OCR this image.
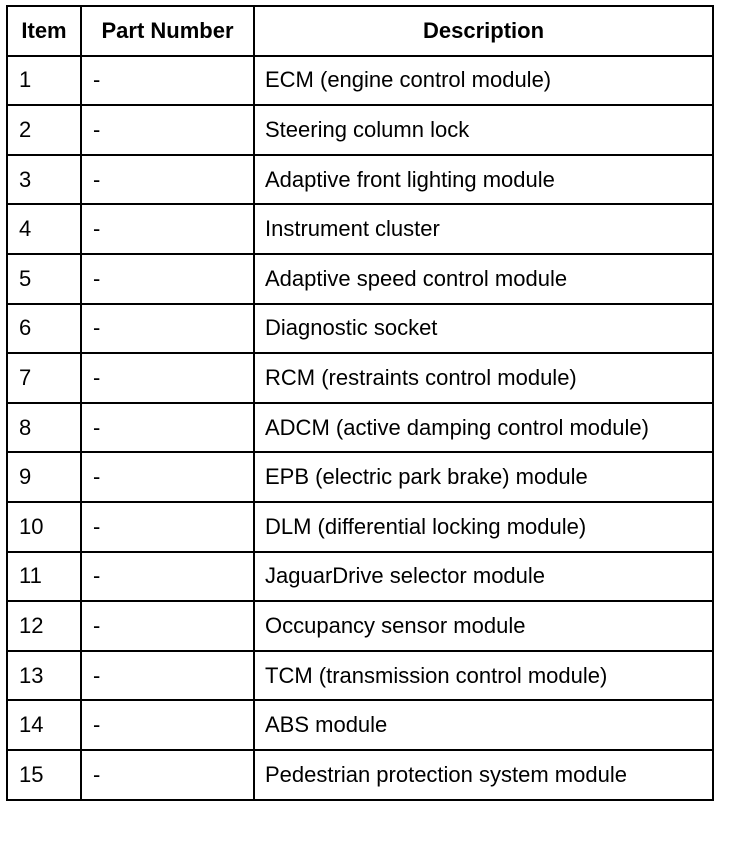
Item	Part Number	Description
1	-	ECM (engine control module)
2	-	Steering column lock
3	-	Adaptive front lighting module
4	-	Instrument cluster
5	-	Adaptive speed control module
6	-	Diagnostic socket
7	-	RCM (restraints control module)
8	-	ADCM (active damping control module)
9	-	EPB (electric park brake) module
10	-	DLM (differential locking module)
11	-	JaguarDrive selector module
12	-	Occupancy sensor module
13	-	TCM (transmission control module)
14	-	ABS module
15	-	Pedestrian protection system module
